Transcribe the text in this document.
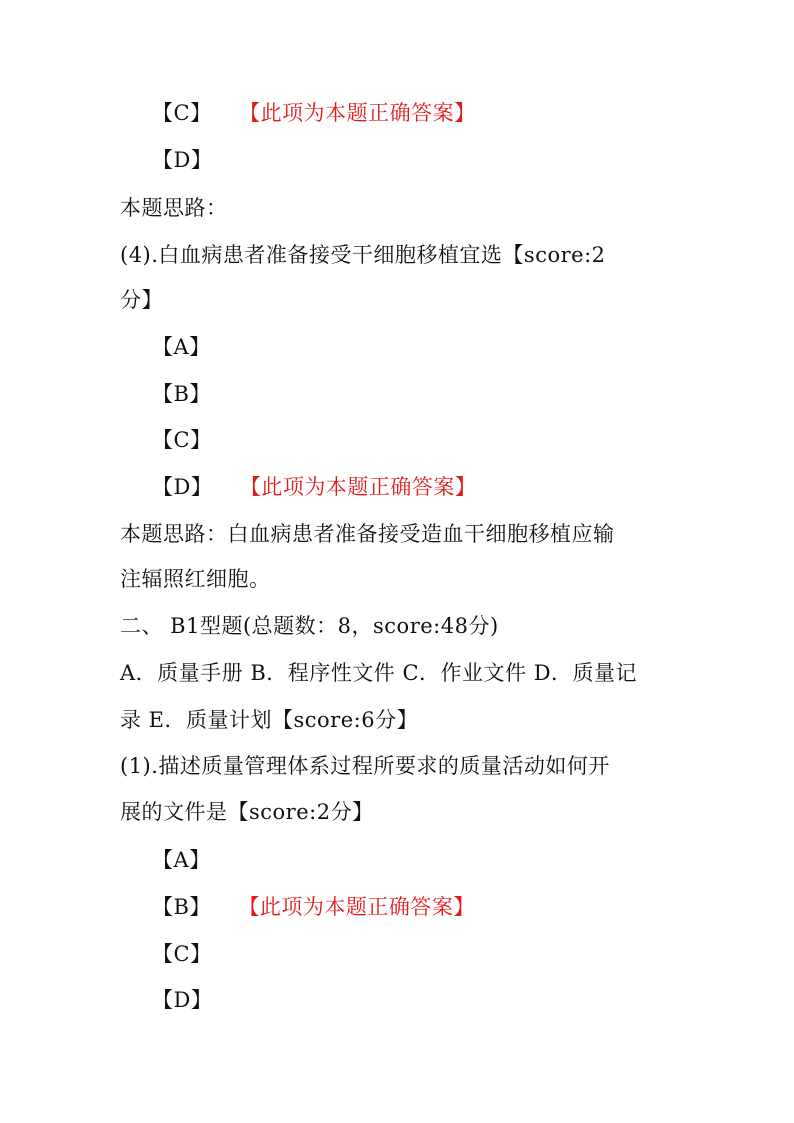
【C】 【此项为本题正确答案】
【D】
本题思路：
(4).白血病患者准备接受干细胞移植宜选【score:2
分】
【A】
【B】
【C】
【D】 【此项为本题正确答案】
本题思路：白血病患者准备接受造血干细胞移植应输
注辐照红细胞。
二、 B1型题(总题数：8，score:48分)
A．质量手册 B．程序性文件 C．作业文件 D．质量记
录 E．质量计划【score:6分】
(1).描述质量管理体系过程所要求的质量活动如何开
展的文件是【score:2分】
【A】
【B】 【此项为本题正确答案】
【C】
【D】
